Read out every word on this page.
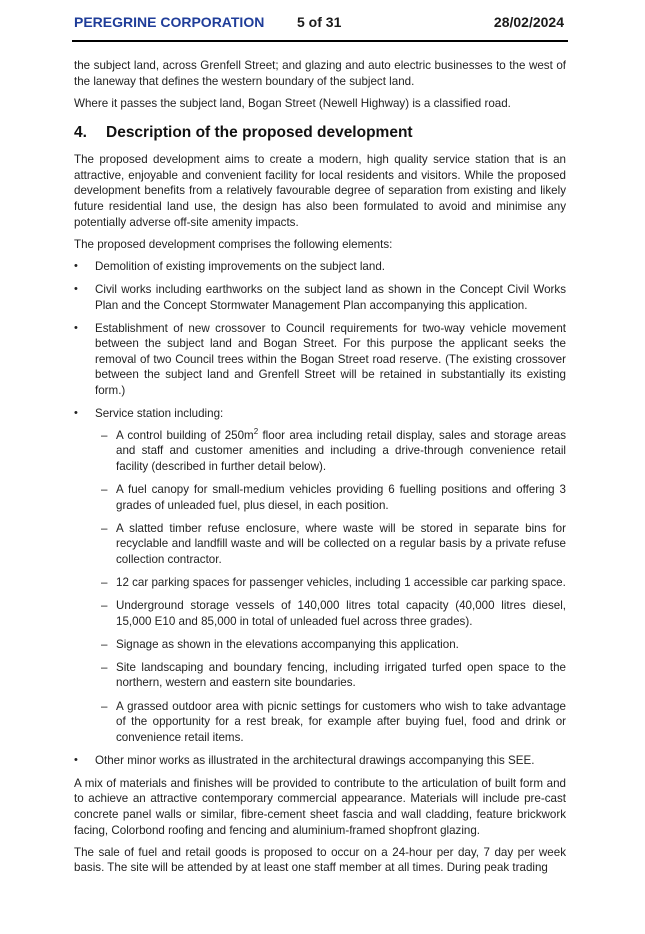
PEREGRINE CORPORATION 5 of 31	28/02/2024

the subject land, across Grenfell Street; and glazing and auto electric businesses to the west of the laneway that defines the western boundary of the subject land.

Where it passes the subject land, Bogan Street (Newell Highway) is a classified road.

4. Description of the proposed development

The proposed development aims to create a modern, high quality service station that is an attractive, enjoyable and convenient facility for local residents and visitors. While the proposed development benefits from a relatively favourable degree of separation from existing and likely future residential land use, the design has also been formulated to avoid and minimise any potentially adverse off-site amenity impacts.

The proposed development comprises the following elements:

• Demolition of existing improvements on the subject land.
• Civil works including earthworks on the subject land as shown in the Concept Civil Works Plan and the Concept Stormwater Management Plan accompanying this application.
• Establishment of new crossover to Council requirements for two-way vehicle movement between the subject land and Bogan Street. For this purpose the applicant seeks the removal of two Council trees within the Bogan Street road reserve. (The existing crossover between the subject land and Grenfell Street will be retained in substantially its existing form.)
• Service station including:
– A control building of $250m^2$ floor area including retail display, sales and storage areas and staff and customer amenities and including a drive-through convenience retail facility (described in further detail below).
– A fuel canopy for small-medium vehicles providing 6 fuelling positions and offering 3 grades of unleaded fuel, plus diesel, in each position.
– A slatted timber refuse enclosure, where waste will be stored in separate bins for recyclable and landfill waste and will be collected on a regular basis by a private refuse collection contractor.
– 12 car parking spaces for passenger vehicles, including 1 accessible car parking space.
– Underground storage vessels of 140,000 litres total capacity (40,000 litres diesel, 15,000 E10 and 85,000 in total of unleaded fuel across three grades).
– Signage as shown in the elevations accompanying this application.
– Site landscaping and boundary fencing, including irrigated turfed open space to the northern, western and eastern site boundaries.
– A grassed outdoor area with picnic settings for customers who wish to take advantage of the opportunity for a rest break, for example after buying fuel, food and drink or convenience retail items.
• Other minor works as illustrated in the architectural drawings accompanying this SEE.

A mix of materials and finishes will be provided to contribute to the articulation of built form and to achieve an attractive contemporary commercial appearance. Materials will include pre-cast concrete panel walls or similar, fibre-cement sheet fascia and wall cladding, feature brickwork facing, Colorbond roofing and fencing and aluminium-framed shopfront glazing.

The sale of fuel and retail goods is proposed to occur on a 24-hour per day, 7 day per week basis. The site will be attended by at least one staff member at all times. During peak trading
